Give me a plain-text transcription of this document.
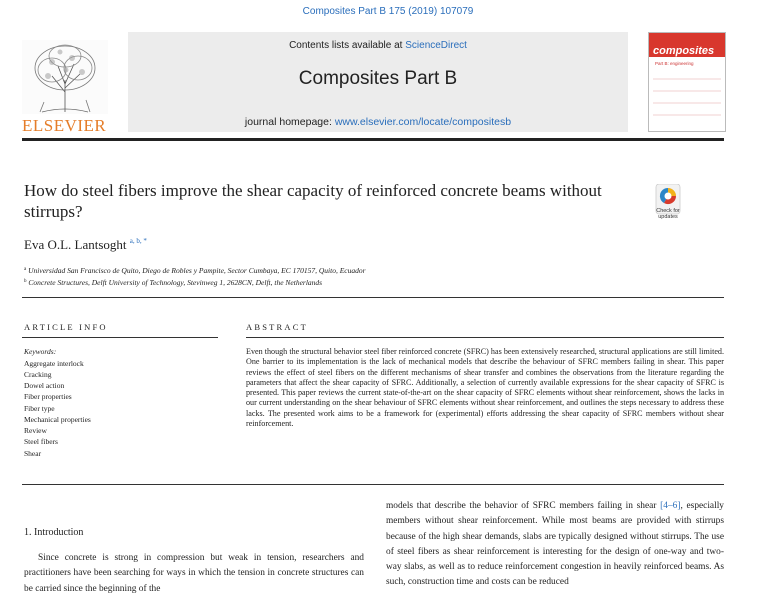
Composites Part B 175 (2019) 107079
ELSEVIER
Contents lists available at ScienceDirect
Composites Part B
journal homepage: www.elsevier.com/locate/compositesb
composites
Part B: engineering
How do steel fibers improve the shear capacity of reinforced concrete beams without stirrups?	Check for
updates
Eva O.L. Lantsoght $^{a, b, *}$
$^a$ Universidad San Francisco de Quito, Diego de Robles y Pampite, Sector Cumbaya, EC 170157, Quito, Ecuador
$^b$ Concrete Structures, Delft University of Technology, Stevinweg 1, 2628CN, Delft, the Netherlands
ARTICLE INFO	ABSTRACT
Keywords:
Aggregate interlock
Cracking
Dowel action
Fiber properties
Fiber type
Mechanical properties
Review
Steel fibers
Shear
Even though the structural behavior steel fiber reinforced concrete (SFRC) has been extensively researched, structural applications are still limited. One barrier to its implementation is the lack of mechanical models that describe the behaviour of SFRC members failing in shear. This paper reviews the effect of steel fibers on the different mechanisms of shear transfer and combines the observations from the literature regarding the parameters that affect the shear capacity of SFRC. Additionally, a selection of currently available expressions for the shear capacity of SFRC is presented. This paper reviews the current state-of-the-art on the shear capacity of SFRC elements without shear reinforcement, shows the lacks in our current understanding on the shear behaviour of SFRC elements without shear reinforcement, and outlines the steps necessary to address these lacks. The presented work aims to be a framework for (experimental) efforts addressing the shear capacity of SFRC members without shear reinforcement.
1. Introduction
Since concrete is strong in compression but weak in tension, researchers and practitioners have been searching for ways in which the tension in concrete structures can be carried since the beginning of the
models that describe the behavior of SFRC members failing in shear [4–6], especially members without shear reinforcement. While most beams are provided with stirrups because of the high shear demands, slabs are typically designed without stirrups. The use of steel fibers as shear reinforcement is interesting for the design of one-way and two-way slabs, as well as to reduce reinforcement congestion in heavily reinforced beams. As such, construction time and costs can be reduced
